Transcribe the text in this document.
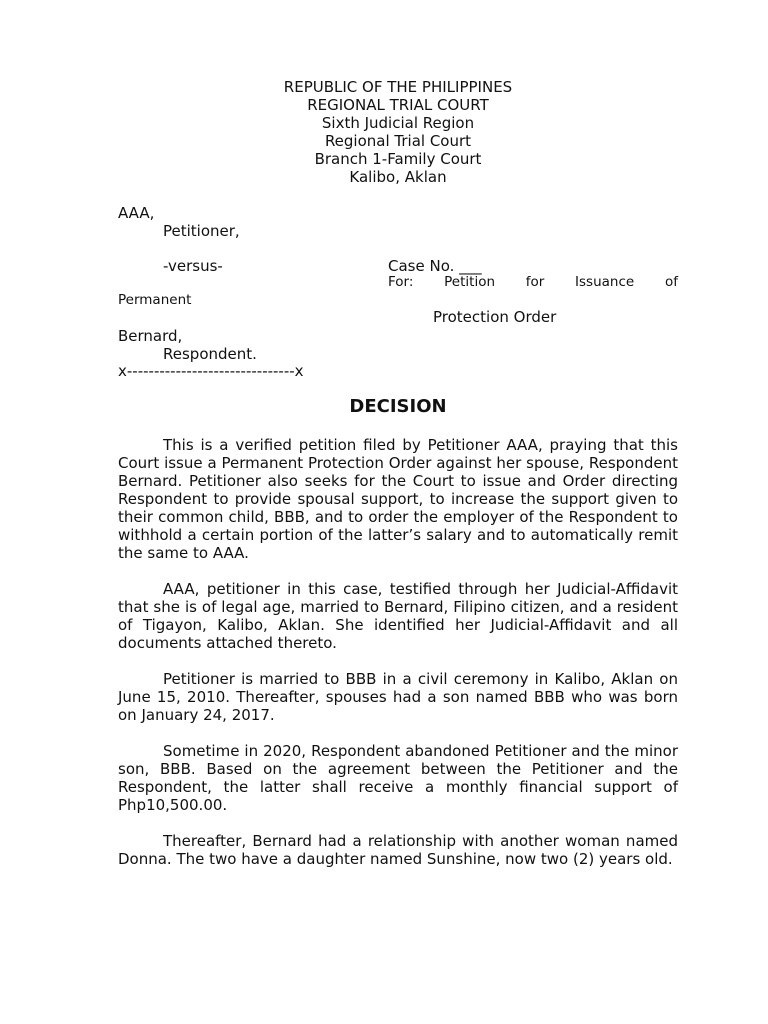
REPUBLIC OF THE PHILIPPINES
REGIONAL TRIAL COURT
Sixth Judicial Region
Regional Trial Court
Branch 1-Family Court
Kalibo, Aklan
AAA,
Petitioner,
-versus-	Case No. ___
For: Petition for Issuance of
Permanent
Protection Order
Bernard,
Respondent.
x-------------------------------x
DECISION

This is a verified petition filed by Petitioner AAA, praying that this Court issue a Permanent Protection Order against her spouse, Respondent Bernard. Petitioner also seeks for the Court to issue and Order directing Respondent to provide spousal support, to increase the support given to their common child, BBB, and to order the employer of the Respondent to withhold a certain portion of the latter’s salary and to automatically remit the same to AAA.

AAA, petitioner in this case, testified through her Judicial-Affidavit that she is of legal age, married to Bernard, Filipino citizen, and a resident of Tigayon, Kalibo, Aklan. She identified her Judicial-Affidavit and all documents attached thereto.

Petitioner is married to BBB in a civil ceremony in Kalibo, Aklan on June 15, 2010. Thereafter, spouses had a son named BBB who was born on January 24, 2017.

Sometime in 2020, Respondent abandoned Petitioner and the minor son, BBB. Based on the agreement between the Petitioner and the Respondent, the latter shall receive a monthly financial support of Php10,500.00.

Thereafter, Bernard had a relationship with another woman named Donna. The two have a daughter named Sunshine, now two (2) years old.
